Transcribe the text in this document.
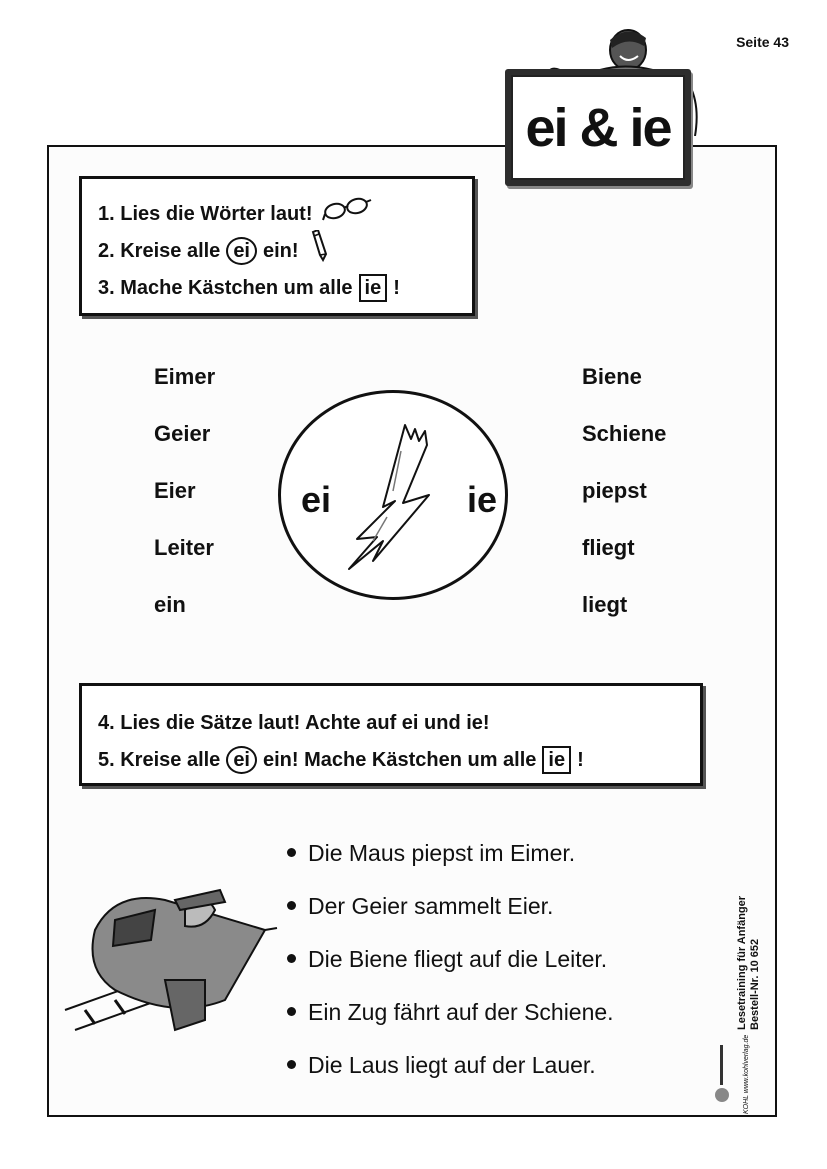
Seite 43
ei & ie
1. Lies die Wörter laut!
2. Kreise alle ei ein!
3. Mache Kästchen um alle ie !
Eimer
Geier
Eier
Leiter
ein
ei	ie
Biene
Schiene
piepst
fliegt
liegt
4. Lies die Sätze laut! Achte auf ei und ie!
5. Kreise alle ei ein! Mache Kästchen um alle ie !
Die Maus piepst im Eimer.
Der Geier sammelt Eier.
Die Biene fliegt auf die Leiter.
Ein Zug fährt auf der Schiene.
Die Laus liegt auf der Lauer.
Lesetraining für Anfänger Bestell-Nr. 10 652
KOHL www.kohlverlag.de
